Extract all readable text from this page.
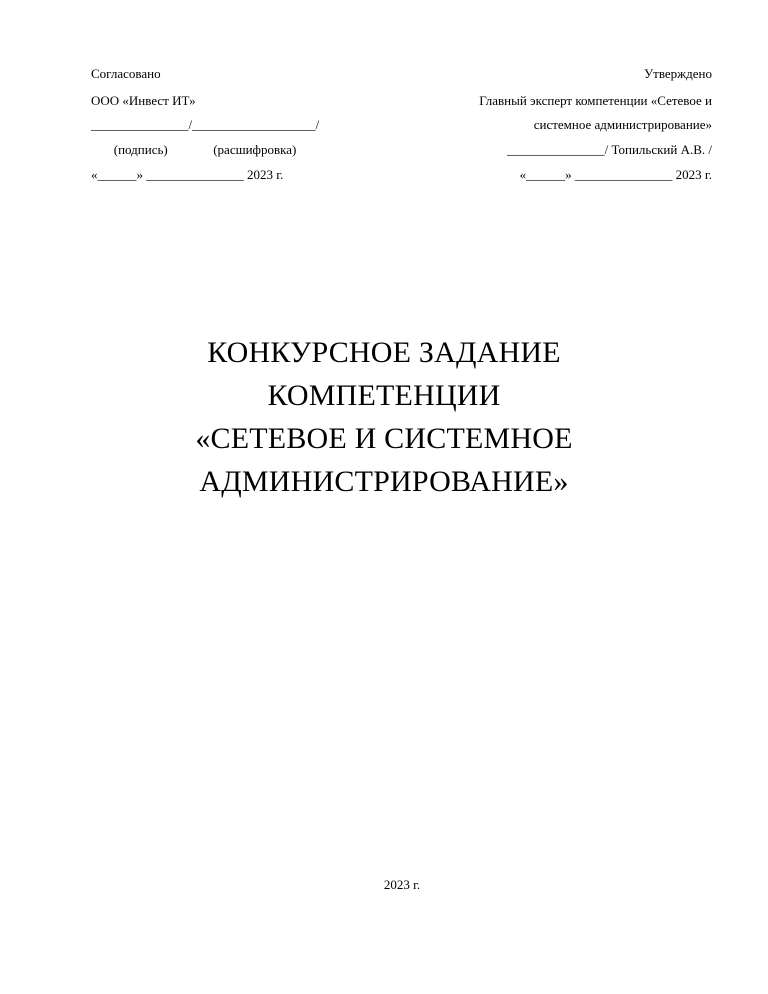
Согласовано
ООО «Инвест ИТ»
_______________/___________________/
(подпись)              (расшифровка)
«______» _______________ 2023 г.
Утверждено
Главный эксперт компетенции «Сетевое и
системное администрирование»
_______________/ Топильский А.В. /
«______» _______________ 2023 г.
КОНКУРСНОЕ ЗАДАНИЕ
КОМПЕТЕНЦИИ
«СЕТЕВОЕ И СИСТЕМНОЕ
АДМИНИСТРИРОВАНИЕ»
2023 г.
